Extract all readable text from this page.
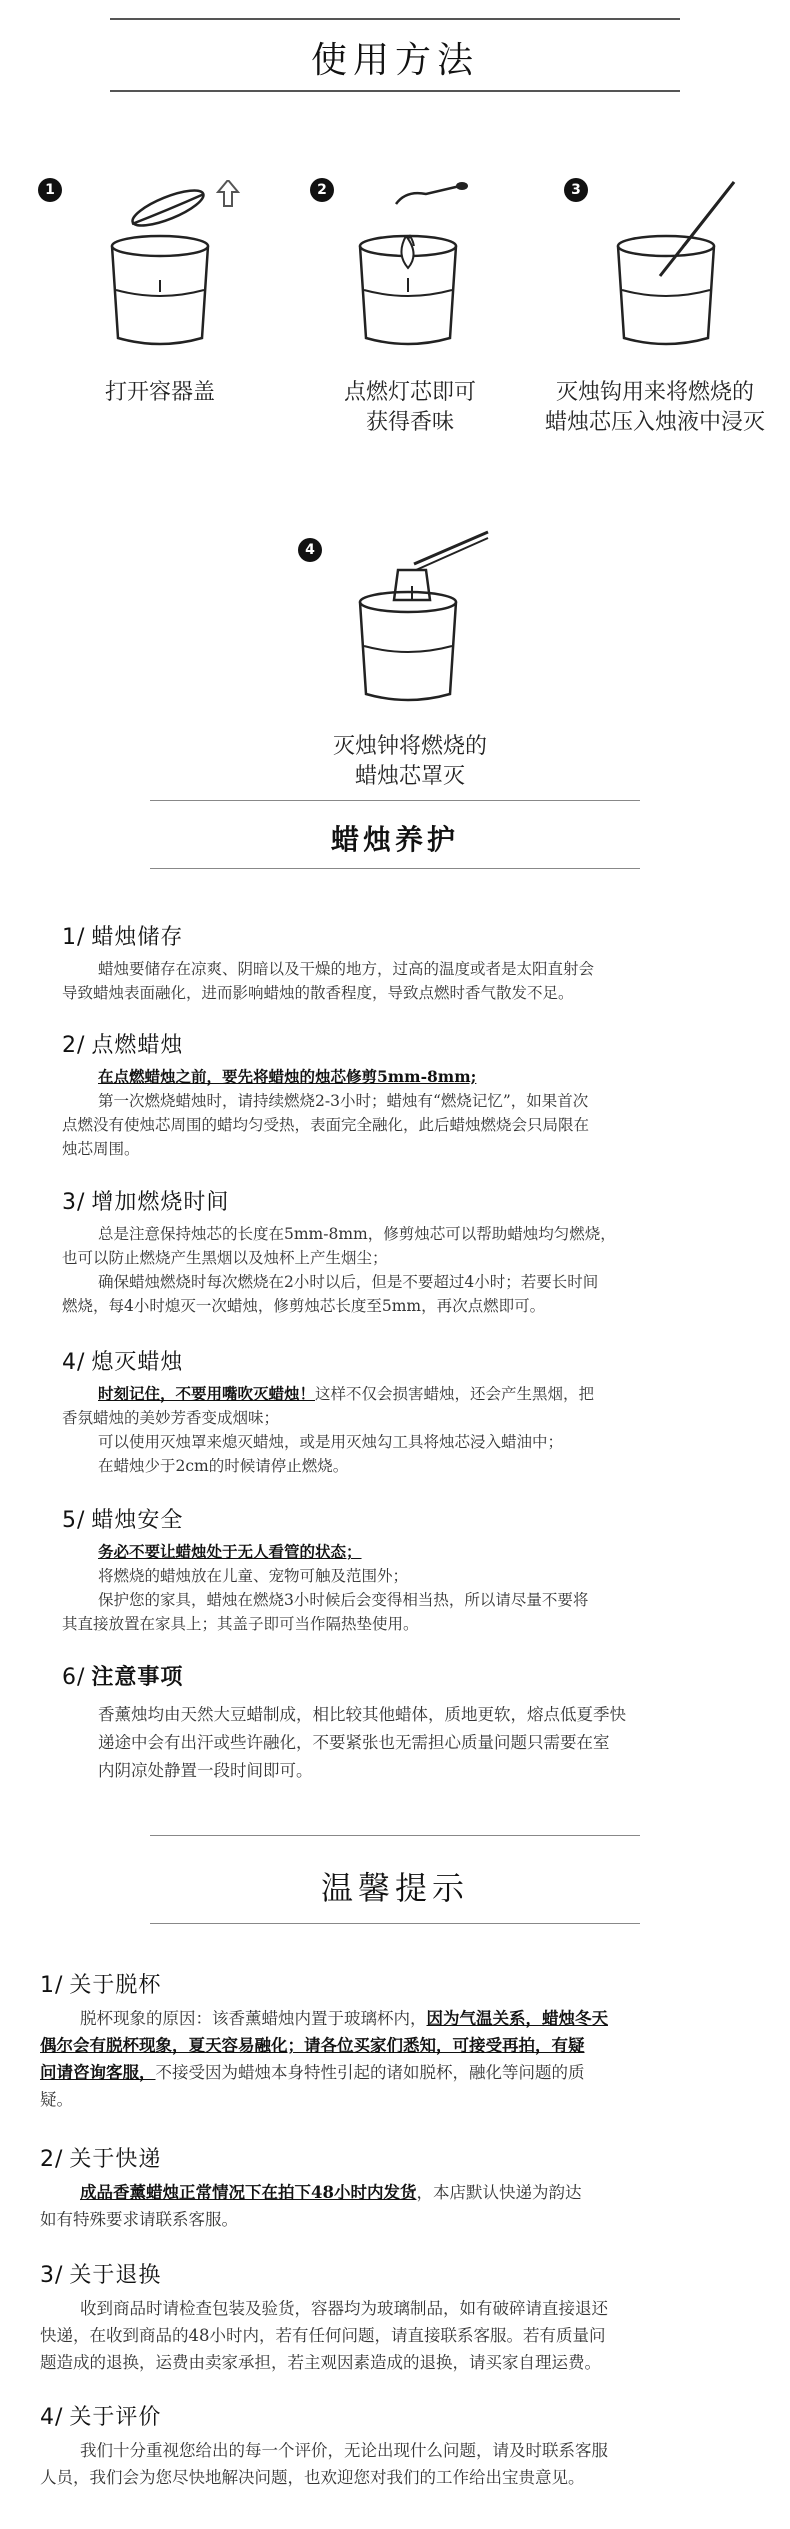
使用方法
1
打开容器盖
2
点燃灯芯即可
获得香味
3
灭烛钩用来将燃烧的
蜡烛芯压入烛液中浸灭
4
灭烛钟将燃烧的
蜡烛芯罩灭
蜡烛养护
1/ 蜡烛储存
蜡烛要储存在凉爽、阴暗以及干燥的地方，过高的温度或者是太阳直射会
导致蜡烛表面融化，进而影响蜡烛的散香程度，导致点燃时香气散发不足。
2/ 点燃蜡烛
在点燃蜡烛之前，要先将蜡烛的烛芯修剪5mm-8mm;
第一次燃烧蜡烛时，请持续燃烧2-3小时；蜡烛有“燃烧记忆”，如果首次
点燃没有使烛芯周围的蜡均匀受热，表面完全融化，此后蜡烛燃烧会只局限在
烛芯周围。
3/ 增加燃烧时间
总是注意保持烛芯的长度在5mm-8mm，修剪烛芯可以帮助蜡烛均匀燃烧，
也可以防止燃烧产生黑烟以及烛杯上产生烟尘；
确保蜡烛燃烧时每次燃烧在2小时以后，但是不要超过4小时；若要长时间
燃烧，每4小时熄灭一次蜡烛，修剪烛芯长度至5mm，再次点燃即可。
4/ 熄灭蜡烛
时刻记住，不要用嘴吹灭蜡烛！这样不仅会损害蜡烛，还会产生黑烟，把
香氛蜡烛的美妙芳香变成烟味；
可以使用灭烛罩来熄灭蜡烛，或是用灭烛勾工具将烛芯浸入蜡油中；
在蜡烛少于2cm的时候请停止燃烧。
5/ 蜡烛安全
务必不要让蜡烛处于无人看管的状态；
将燃烧的蜡烛放在儿童、宠物可触及范围外；
保护您的家具，蜡烛在燃烧3小时候后会变得相当热，所以请尽量不要将
其直接放置在家具上；其盖子即可当作隔热垫使用。
6/ 注意事项
香薰烛均由天然大豆蜡制成，相比较其他蜡体，质地更软，熔点低夏季快
递途中会有出汗或些许融化，不要紧张也无需担心质量问题只需要在室
内阴凉处静置一段时间即可。
温馨提示
1/ 关于脱杯
脱杯现象的原因：该香薰蜡烛内置于玻璃杯内，因为气温关系，蜡烛冬天
偶尔会有脱杯现象，夏天容易融化；请各位买家们悉知，可接受再拍，有疑
问请咨询客服，不接受因为蜡烛本身特性引起的诸如脱杯，融化等问题的质
疑。
2/ 关于快递
成品香薰蜡烛正常情况下在拍下48小时内发货，本店默认快递为韵达
如有特殊要求请联系客服。
3/ 关于退换
收到商品时请检查包装及验货，容器均为玻璃制品，如有破碎请直接退还
快递，在收到商品的48小时内，若有任何问题，请直接联系客服。若有质量问
题造成的退换，运费由卖家承担，若主观因素造成的退换，请买家自理运费。
4/ 关于评价
我们十分重视您给出的每一个评价，无论出现什么问题，请及时联系客服
人员，我们会为您尽快地解决问题，也欢迎您对我们的工作给出宝贵意见。
